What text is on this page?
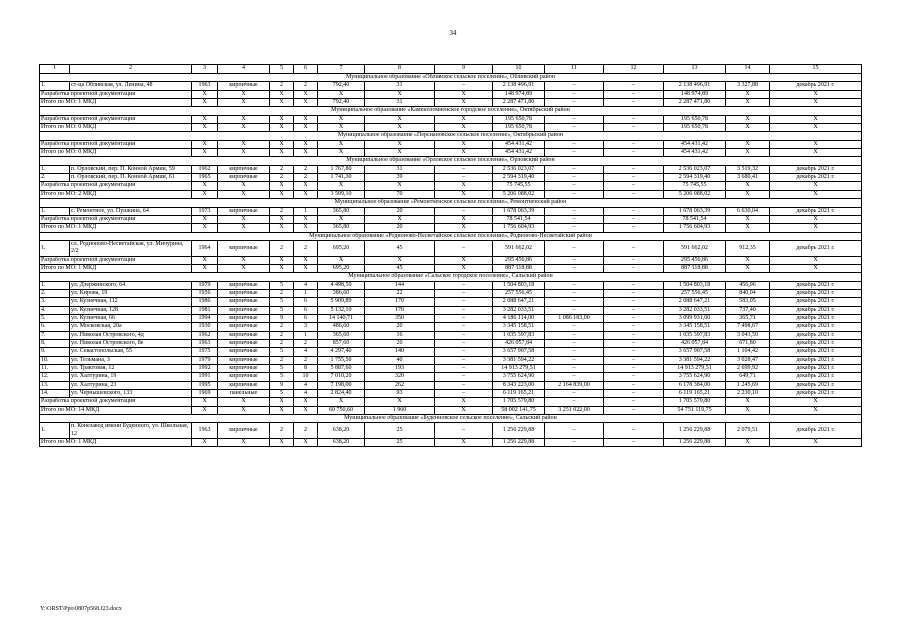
34
1	2	3	4	5	6	7	8	9	10	11	12	13	14	15
Муниципальное образование «Обливское сельское поселение», Обливский район														
1.	ст-ца Обливская, ул. Ленина, 48	1963	кирпичные	2	2	792,40	31	–	2 138 496,91	–	–	2 138 496,91	3 327,88	декабрь 2021 г.
Разработка проектной документации		Х	Х	Х	Х	Х	Х	Х	148 974,89	–	–	148 974,89	Х	Х
Итого по МО: 1 МКД		Х	Х	Х	Х	792,40	31	Х	2 287 471,80	–	–	2 287 471,80	Х	Х
Муниципальное образование «Каменоломненское городское поселение», Октябрьский район														
Разработка проектной документации		Х	Х	Х	Х	Х	Х	Х	195 650,78	–	–	195 650,78	Х	Х
Итого по МО: 0 МКД		Х	Х	Х	Х	Х	Х	Х	195 650,78	–	–	195 650,78	Х	Х
Муниципальное образование «Персиановское сельское поселение», Октябрьский район														
Разработка проектной документации		Х	Х	Х	Х	Х	Х	Х	454 431,42	–	–	454 431,42	Х	Х
Итого по МО: 0 МКД		Х	Х	Х	Х	Х	Х	Х	454 431,42	–	–	454 431,42	Х	Х
Муниципальное образование «Орловское сельское поселение», Орловский район														
1.	п. Орловский, пер. П. Конной Армии, 59	1962	кирпичные	2	2	1 767,80	31	–	2 536 023,07	–	–	2 536 023,07	3 519,32	декабрь 2021 г.
2.	п. Орловский, пер. П. Конной Армии, 61	1965	кирпичные	2	2	1 741,30	39	–	2 594 319,40	–	–	2 594 319,40	3 680,41	декабрь 2021 г.
Разработка проектной документации		Х	Х	Х	Х	Х	Х	Х	75 745,55	–	–	75 745,55	Х	Х
Итого по МО: 2 МКД		Х	Х	Х	Х	3 509,10	70	Х	5 206 088,02	–	–	5 206 088,02	Х	Х
Муниципальное образование «Ремонтненское сельское поселение», Ремонтненский район														
1.	с. Ремонтное, ул. Пушкина, 64	1973	кирпичные	2	1	365,80	20	–	1 678 063,39	–	–	1 678 063,39	6 630,04	декабрь 2021 г.
Разработка проектной документации		Х	Х	Х	Х	Х	Х	Х	78 541,54	–	–	78 541,54	Х	Х
Итого по МО: 1 МКД		Х	Х	Х	Х	365,80	20	Х	1 756 604,93	–	–	1 756 604,93	Х	Х
Муниципальное образование «Родионово-Несветайское сельское поселение», Родионово-Несветайский район														
1.	сл. Родионово-Несветайская, ул. Мичурина, 2/2	1964	кирпичные	2	2	695,20	45	–	591 662,02	–	–	591 662,02	912,35	декабрь 2021 г.
Разработка проектной документации		Х	Х	Х	Х	Х	Х	Х	295 456,86	–	–	295 456,86	Х	Х
Итого по МО: 1 МКД		Х	Х	Х	Х	695,20	45	Х	887 118,88	–	–	887 118,88	Х	Х
Муниципальное образование «Сальское городское поселение», Сальский район														
1.	ул. Дзержинского, 64	1979	кирпичные	5	4	4 498,50	144	–	1 504 803,18	–	–	1 504 803,18	456,96	декабрь 2021 г.
2.	ул. Кирова, 19	1956	кирпичные	2	1	386,60	22	–	257 556,45	–	–	257 556,45	840,04	декабрь 2021 г.
3.	ул. Кузнечная, 112	1986	кирпичные	5	6	5 909,89	170	–	2 088 647,21	–	–	2 088 647,21	583,05	декабрь 2021 г.
4.	ул. Кузнечная, 128	1981	кирпичные	5	6	5 132,10	170	–	3 282 033,51	–	–	3 282 033,51	737,40	декабрь 2021 г.
5.	ул. Кузнечная, 66	1994	кирпичные	9	6	14 140,71	350	–	4 186 114,00	1 086 183,00	–	3 099 931,00	365,71	декабрь 2021 г.
6.	ул. Московская, 20а	1930	кирпичные	2	3	486,60	20	–	3 345 158,51	–	–	3 345 158,51	7 498,67	декабрь 2021 г.
7.	ул. Николая Островского, 4д	1962	кирпичные	2	1	365,60	16	–	1 035 397,83	–	–	1 035 397,83	3 043,50	декабрь 2021 г.
8.	ул. Николая Островского, 8е	1963	кирпичные	2	2	857,60	20	–	426 057,84	–	–	426 057,84	671,80	декабрь 2021 г.
9.	ул. Севастопольская, 55	1975	кирпичные	5	4	4 297,40	140	–	3 657 907,58	–	–	3 657 907,58	1 104,42	декабрь 2021 г.
10.	ул. Тельмана, 3	1979	кирпичные	2	2	1 755,50	40	–	3 381 594,22	–	–	3 381 594,22	3 028,47	декабрь 2021 г.
11.	ул. Трактовая, 12	1992	кирпичные	5	8	5 887,60	193	–	14 913 279,51	–	–	14 913 279,51	2 699,92	декабрь 2021 г.
12.	ул. Халтурина, 19	1991	кирпичные	5	10	7 010,20	320	–	3 755 624,90	–	–	3 755 624,90	649,71	декабрь 2021 г.
13.	ул. Халтурина, 23	1995	кирпичные	9	4	7 198,00	262	–	8 343 223,00	2 164 839,00	–	6 178 384,00	1 245,69	декабрь 2021 г.
14.	ул. Чернышевского, 133	1969	панельные	5	4	2 824,40	93	–	6 119 165,21	–	–	6 119 165,21	2 230,10	декабрь 2021 г.
Разработка проектной документации		Х	Х	Х	Х	Х	Х	Х	1 705 579,80	–	–	1 705 579,80	Х	Х
Итого по МО: 14 МКД		Х	Х	Х	Х	60 750,60	1 960	Х	58 002 141,75	3 251 022,00	–	54 751 119,75	Х	Х
Муниципальное образование «Буденновское сельское поселение», Сальский район														
1.	п. Конезавод имени Буденного, ул. Школьная, 12	1963	кирпичные	2	2	638,20	25	–	1 256 229,88	–	–	1 256 229,88	2 079,51	декабрь 2021 г.
Итого по МО: 1 МКД		Х	Х	Х	Х	638,20	25	Х	1 256 229,88	–	–	1 256 229,88	Х	Х
Y:\ORST\Ppo\0807p568.f23.docx
